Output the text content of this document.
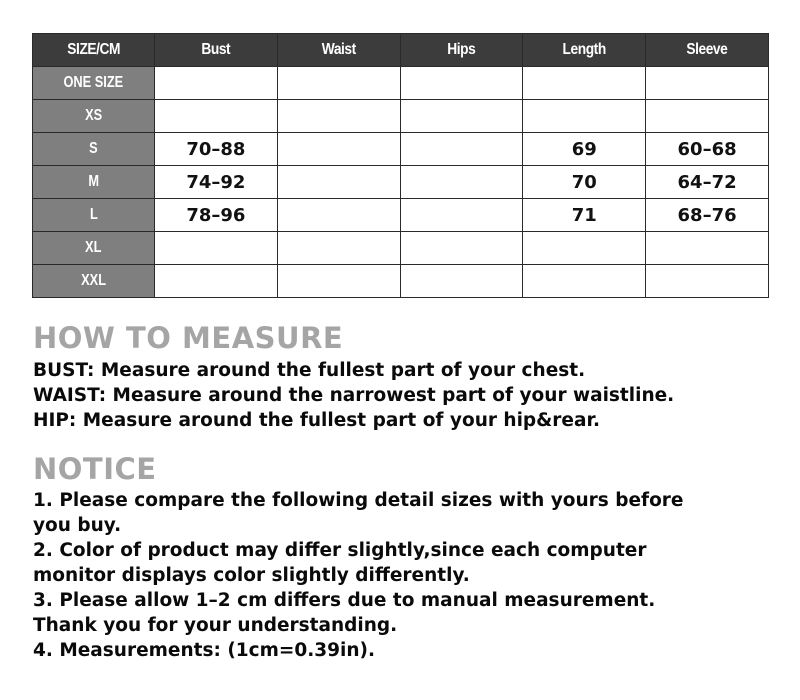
SIZE/CM	Bust	Waist	Hips	Length	Sleeve
ONE SIZE					
XS					
S	70–88			69	60–68
M	74–92			70	64–72
L	78–96			71	68–76
XL					
XXL					
HOW TO MEASURE
BUST: Measure around the fullest part of your chest.
WAIST: Measure around the narrowest part of your waistline.
HIP: Measure around the fullest part of your hip&rear.
NOTICE
1. Please compare the following detail sizes with yours before
you buy.
2. Color of product may differ slightly,since each computer
monitor displays color slightly differently.
3. Please allow 1–2 cm differs due to manual measurement.
Thank you for your understanding.
4. Measurements: (1cm=0.39in).
